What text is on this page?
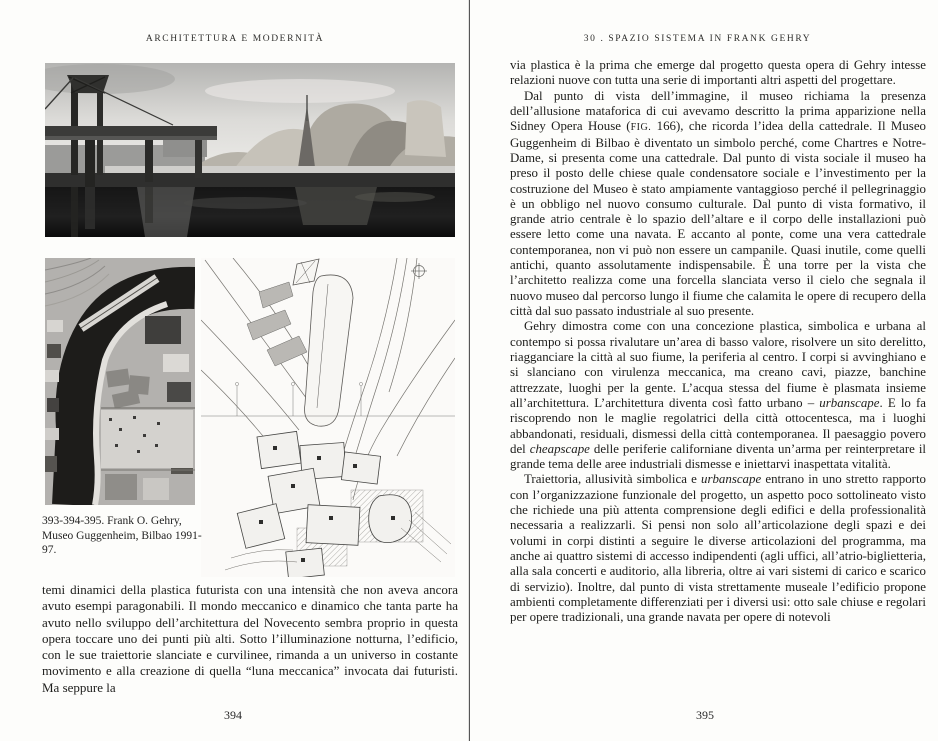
ARCHITETTURA E MODERNITÀ

393-394-395. Frank O. Gehry, Museo Guggenheim, Bilbao 1991-97.

temi dinamici della plastica futurista con una intensità che non aveva ancora avuto esempi paragonabili. Il mondo meccanico e dinamico che tanta parte ha avuto nello sviluppo dell’architettura del Novecento sembra proprio in questa opera toccare uno dei punti più alti. Sotto l’illuminazione notturna, l’edificio, con le sue traiettorie slanciate e curvilinee, rimanda a un universo in costante movimento e alla creazione di quella “luna meccanica” invocata dai futuristi. Ma seppure la

394
30 . SPAZIO SISTEMA IN FRANK GEHRY

via plastica è la prima che emerge dal progetto questa opera di Gehry intesse relazioni nuove con tutta una serie di importanti altri aspetti del progettare.

Dal punto di vista dell’immagine, il museo richiama la presenza dell’allusione mataforica di cui avevamo descritto la prima apparizione nella Sidney Opera House (FIG. 166), che ricorda l’idea della cattedrale. Il Museo Guggenheim di Bilbao è diventato un simbolo perché, come Chartres e Notre-Dame, si presenta come una cattedrale. Dal punto di vista sociale il museo ha preso il posto delle chiese quale condensatore sociale e l’investimento per la costruzione del Museo è stato ampiamente vantaggioso perché il pellegrinaggio è un obbligo nel nuovo consumo culturale. Dal punto di vista formativo, il grande atrio centrale è lo spazio dell’altare e il corpo delle installazioni può essere letto come una navata. E accanto al ponte, come una vera cattedrale contemporanea, non vi può non essere un campanile. Quasi inutile, come quelli antichi, quanto assolutamente indispensabile. È una torre per la vista che l’architetto realizza come una forcella slanciata verso il cielo che segnala il nuovo museo dal percorso lungo il fiume che calamita le opere di recupero della città dal suo passato industriale al suo presente.

Gehry dimostra come con una concezione plastica, simbolica e urbana al contempo si possa rivalutare un’area di basso valore, risolvere un sito derelitto, riagganciare la città al suo fiume, la periferia al centro. I corpi si avvinghiano e si slanciano con virulenza meccanica, ma creano cavi, piazze, banchine attrezzate, luoghi per la gente. L’acqua stessa del fiume è plasmata insieme all’architettura. L’architettura diventa così fatto urbano – urbanscape. E lo fa riscoprendo non le maglie regolatrici della città ottocentesca, ma i luoghi abbandonati, residuali, dismessi della città contemporanea. Il paesaggio povero del cheapscape delle periferie californiane diventa un’arma per reinterpretare il grande tema delle aree industriali dismesse e iniettarvi inaspettata vitalità.

Traiettoria, allusività simbolica e urbanscape entrano in uno stretto rapporto con l’organizzazione funzionale del progetto, un aspetto poco sottolineato visto che richiede una più attenta comprensione degli edifici e della professionalità necessaria a realizzarli. Si pensi non solo all’articolazione degli spazi e dei volumi in corpi distinti a seguire le diverse articolazioni del programma, ma anche ai quattro sistemi di accesso indipendenti (agli uffici, all’atrio-biglietteria, alla sala concerti e auditorio, alla libreria, oltre ai vari sistemi di carico e scarico di servizio). Inoltre, dal punto di vista strettamente museale l’edificio propone ambienti completamente differenziati per i diversi usi: otto sale chiuse e regolari per opere tradizionali, una grande navata per opere di notevoli

395
